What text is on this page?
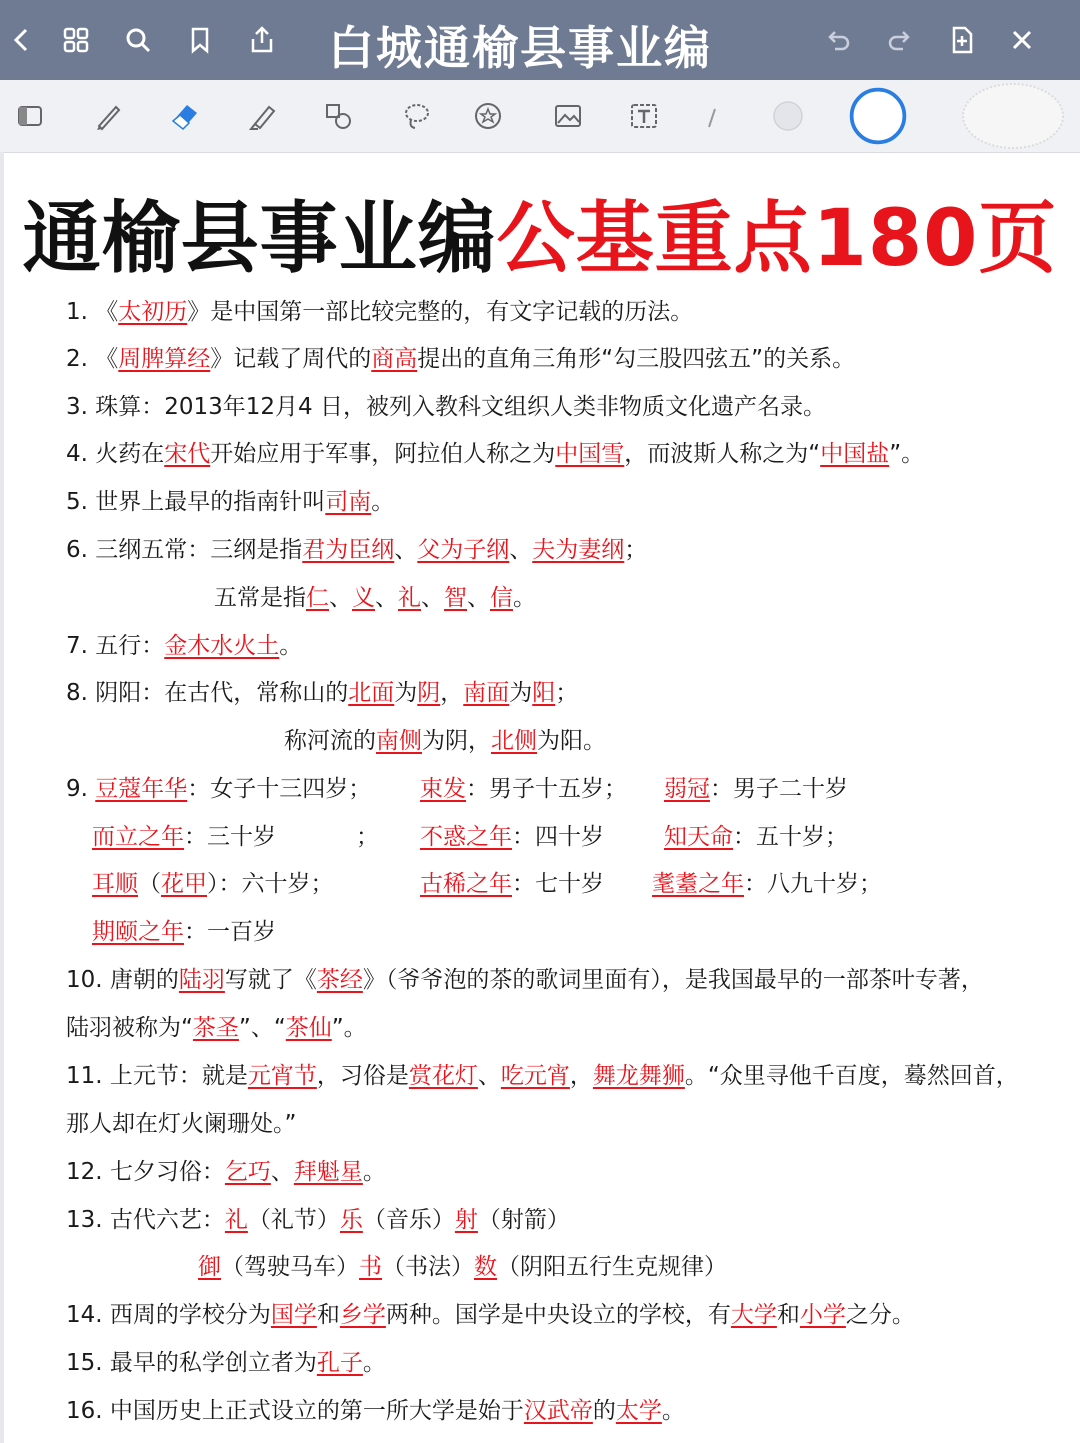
白城通榆县事业编
通榆县事业编公基重点180页
1. 《太初历》是中国第一部比较完整的，有文字记载的历法。
2. 《周脾算经》记载了周代的商高提出的直角三角形“勾三股四弦五”的关系。
3. 珠算：2013年12月4 日，被列入教科文组织人类非物质文化遗产名录。
4. 火药在宋代开始应用于军事，阿拉伯人称之为中国雪，而波斯人称之为“中国盐”。
5. 世界上最早的指南针叫司南。
6. 三纲五常：三纲是指君为臣纲、父为子纲、夫为妻纲；
五常是指仁、义、礼、智、信。
7. 五行：金木水火土。
8. 阴阳：在古代，常称山的北面为阴，南面为阳；
称河流的南侧为阴，北侧为阳。
9. 豆蔻年华：女子十三四岁； 束发：男子十五岁； 弱冠：男子二十岁
而立之年：三十岁	； 不惑之年：四十岁	知天命：五十岁；
耳顺（花甲）：六十岁；	古稀之年：七十岁 耄耋之年：八九十岁；
期颐之年：一百岁
10. 唐朝的陆羽写就了《茶经》（爷爷泡的茶的歌词里面有），是我国最早的一部茶叶专著，
陆羽被称为“茶圣”、“茶仙”。
11. 上元节：就是元宵节，习俗是赏花灯、吃元宵，舞龙舞狮。“众里寻他千百度，蓦然回首，
那人却在灯火阑珊处。”
12. 七夕习俗：乞巧、拜魁星。
13. 古代六艺：礼（礼节）乐（音乐）射（射箭）
御（驾驶马车）书（书法）数（阴阳五行生克规律）
14. 西周的学校分为国学和乡学两种。国学是中央设立的学校，有大学和小学之分。
15. 最早的私学创立者为孔子。
16. 中国历史上正式设立的第一所大学是始于汉武帝的太学。
